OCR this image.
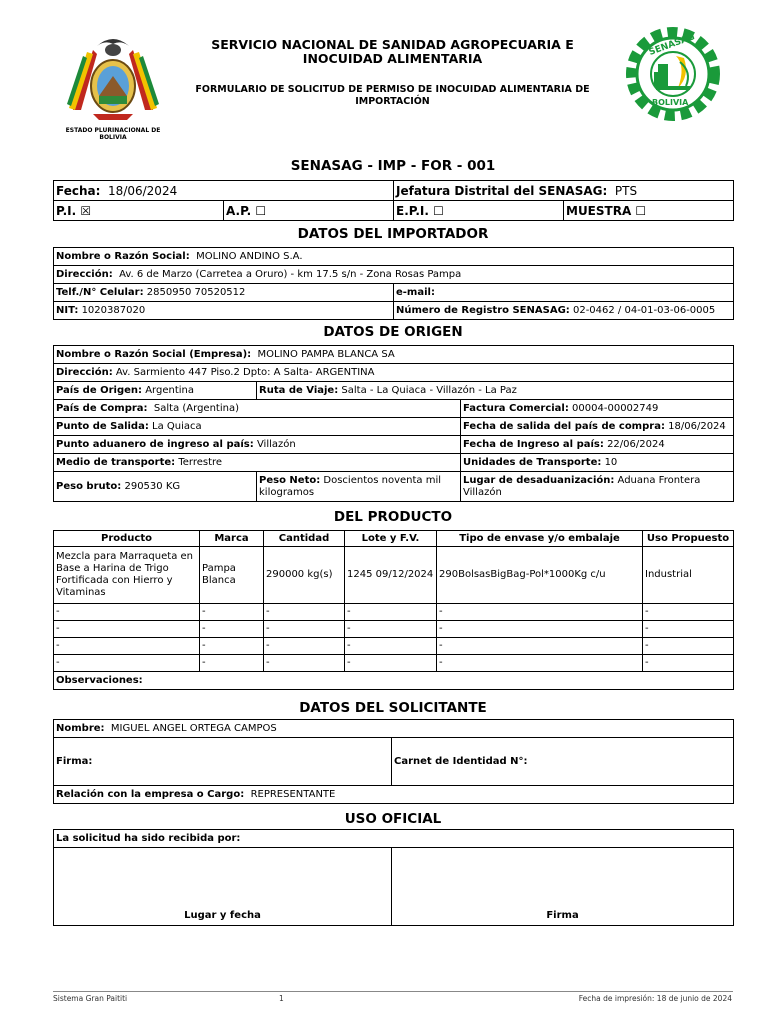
ESTADO PLURINACIONAL DE BOLIVIA
SENASAG
BOLIVIA
SERVICIO NACIONAL DE SANIDAD AGROPECUARIA E INOCUIDAD ALIMENTARIA
FORMULARIO DE SOLICITUD DE PERMISO DE INOCUIDAD ALIMENTARIA DE IMPORTACIÓN
SENASAG - IMP - FOR - 001
Fecha: 18/06/2024		Jefatura Distrital del SENASAG: PTS	
P.I. ☒	A.P. ☐	E.P.I. ☐	MUESTRA ☐
DATOS DEL IMPORTADOR
Nombre o Razón Social: MOLINO ANDINO S.A.	
Dirección: Av. 6 de Marzo (Carretea a Oruro) - km 17.5 s/n - Zona Rosas Pampa	
Telf./N° Celular: 2850950 70520512	e-mail:
NIT: 1020387020	Número de Registro SENASAG: 02-0462 / 04-01-03-06-0005
DATOS DE ORIGEN
Nombre o Razón Social (Empresa): MOLINO PAMPA BLANCA SA		
Dirección: Av. Sarmiento 447 Piso.2 Dpto: A Salta- ARGENTINA		
País de Origen: Argentina	Ruta de Viaje: Salta - La Quiaca - Villazón - La Paz	
País de Compra: Salta (Argentina)		Factura Comercial: 00004-00002749
Punto de Salida: La Quiaca		Fecha de salida del país de compra: 18/06/2024
Punto aduanero de ingreso al país: Villazón		Fecha de Ingreso al país: 22/06/2024
Medio de transporte: Terrestre		Unidades de Transporte: 10
Peso bruto: 290530 KG	Peso Neto: Doscientos noventa mil kilogramos	Lugar de desaduanización: Aduana Frontera Villazón
DEL PRODUCTO
Producto	Marca	Cantidad	Lote y F.V.	Tipo de envase y/o embalaje	Uso Propuesto
Mezcla para Marraqueta en Base a Harina de Trigo Fortificada con Hierro y Vitaminas	Pampa Blanca	290000 kg(s)	1245 09/12/2024	290BolsasBigBag-Pol*1000Kg c/u	Industrial
-	-	-	-	-	-
-	-	-	-	-	-
-	-	-	-	-	-
-	-	-	-	-	-
Observaciones:					
DATOS DEL SOLICITANTE
Nombre: MIGUEL ANGEL ORTEGA CAMPOS
Firma:	Carnet de Identidad N°:
Relación con la empresa o Cargo: REPRESENTANTE
USO OFICIAL
La solicitud ha sido recibida por:
Lugar y fecha	Firma
Sistema Gran Paititi	1	Fecha de impresión: 18 de junio de 2024
